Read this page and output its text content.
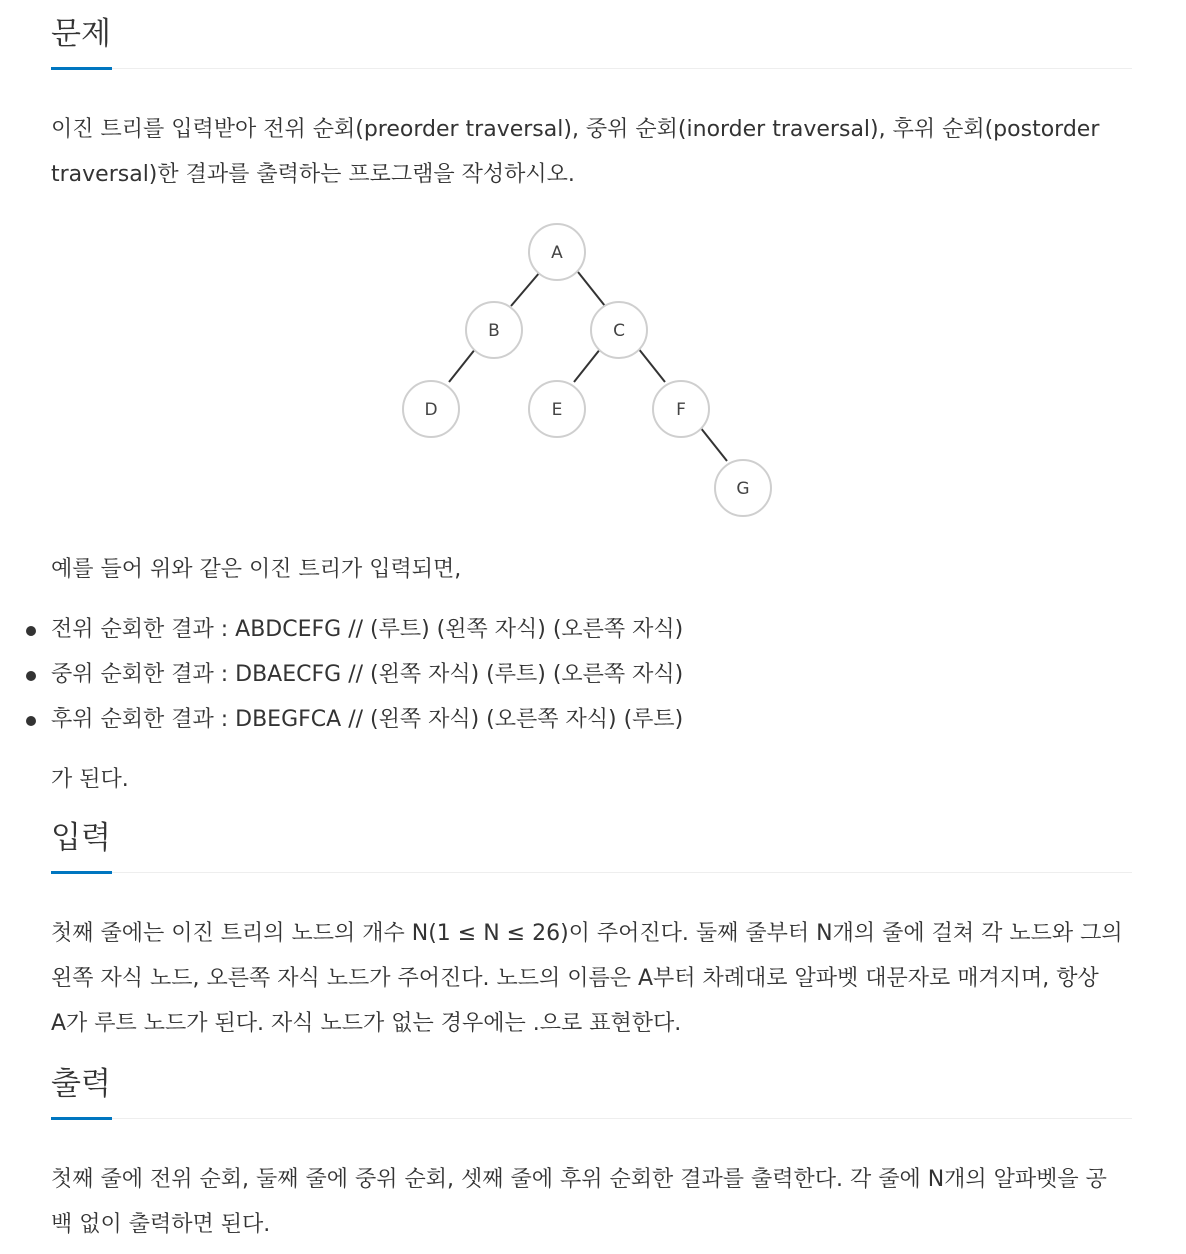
문제

이진 트리를 입력받아 전위 순회(preorder traversal), 중위 순회(inorder traversal), 후위 순회(postorder

traversal)한 결과를 출력하는 프로그램을 작성하시오.

A
B	C
D	E	F
G

예를 들어 위와 같은 이진 트리가 입력되면,

전위 순회한 결과 : ABDCEFG // (루트) (왼쪽 자식) (오른쪽 자식)
중위 순회한 결과 : DBAECFG // (왼쪽 자식) (루트) (오른쪽 자식)
후위 순회한 결과 : DBEGFCA // (왼쪽 자식) (오른쪽 자식) (루트)

가 된다.

입력

첫째 줄에는 이진 트리의 노드의 개수 N(1 ≤ N ≤ 26)이 주어진다. 둘째 줄부터 N개의 줄에 걸쳐 각 노드와 그의

왼쪽 자식 노드, 오른쪽 자식 노드가 주어진다. 노드의 이름은 A부터 차례대로 알파벳 대문자로 매겨지며, 항상

A가 루트 노드가 된다. 자식 노드가 없는 경우에는 .으로 표현한다.

출력

첫째 줄에 전위 순회, 둘째 줄에 중위 순회, 셋째 줄에 후위 순회한 결과를 출력한다. 각 줄에 N개의 알파벳을 공

백 없이 출력하면 된다.
